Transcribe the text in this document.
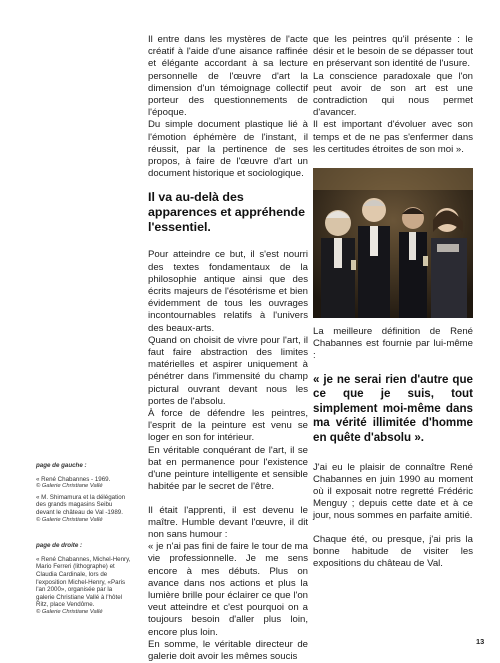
Il entre dans les mystères de l'acte créatif à l'aide d'une aisance raffinée et élégante accordant à sa lecture personnelle de l'œuvre d'art la dimension d'un témoignage collectif porteur des questionnements de l'époque.

Du simple document plastique lié à l'émotion éphémère de l'instant, il réussit, par la pertinence de ses propos, à faire de l'œuvre d'art un document historique et sociologique.

Il va au-delà des apparences et appréhende l'essentiel.

Pour atteindre ce but, il s'est nourri des textes fondamentaux de la philosophie antique ainsi que des écrits majeurs de l'ésotérisme et bien évidemment de tous les ouvrages incontournables relatifs à l'univers des beaux-arts.

Quand on choisit de vivre pour l'art, il faut faire abstraction des limites matérielles et aspirer uniquement à pénétrer dans l'immensité du champ pictural ouvrant devant nous les portes de l'absolu.

À force de défendre les peintres, l'esprit de la peinture est venu se loger en son for intérieur.

En véritable conquérant de l'art, il se bat en permanence pour l'existence d'une peinture intelligente et sensible habitée par le secret de l'être.

Il était l'apprenti, il est devenu le maître. Humble devant l'œuvre, il dit non sans humour :

« je n'ai pas fini de faire le tour de ma vie professionnelle. Je me sens encore à mes débuts. Plus on avance dans nos actions et plus la lumière brille pour éclairer ce que l'on veut atteindre et c'est pourquoi on a toujours besoin d'aller plus loin, encore plus loin.

En somme, le véritable directeur de galerie doit avoir les mêmes soucis

que les peintres qu'il présente : le désir et le besoin de se dépasser tout en préservant son identité de l'usure.

La conscience paradoxale que l'on peut avoir de son art est une contradiction qui nous permet d'avancer.

Il est important d'évoluer avec son temps et de ne pas s'enfermer dans les certitudes étroites de son moi ».

La meilleure définition de René Chabannes est fournie par lui-même :

« je ne serai rien d'autre que ce que je suis, tout simplement moi-même dans ma vérité illimitée d'homme en quête d'absolu ».

J'ai eu le plaisir de connaître René Chabannes en juin 1990 au moment où il exposait notre regretté Frédéric Menguy ; depuis cette date et à ce jour, nous sommes en parfaite amitié.

Chaque été, ou presque, j'ai pris la bonne habitude de visiter les expositions du château de Val.

page de gauche :

« René Chabannes - 1969.
© Galerie Christiane Vallé
« M. Shimamura et la délégation des grands magasins Seibu devant le château de Val -1989.
© Galerie Christiane Vallé

page de droite :

« René Chabannes, Michel-Henry, Mario Ferreri (lithographe) et Claudia Cardinale, lors de l'exposition Michel-Henry, «Paris l'an 2000», organisée par la galerie Christiane Vallé à l'hôtel Ritz, place Vendôme.
© Galerie Christiane Vallé
13
